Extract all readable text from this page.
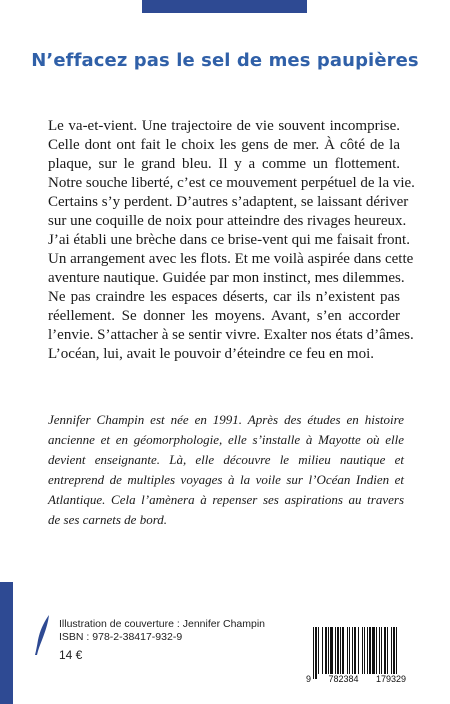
N’effacez pas le sel de mes paupières
Le va-et-vient. Une trajectoire de vie souvent incomprise.
Celle dont ont fait le choix les gens de mer. À côté de la
plaque, sur le grand bleu. Il y a comme un flottement.
Notre souche liberté, c’est ce mouvement perpétuel de la vie.
Certains s’y perdent. D’autres s’adaptent, se laissant dériver
sur une coquille de noix pour atteindre des rivages heureux.
J’ai établi une brèche dans ce brise-vent qui me faisait front.
Un arrangement avec les flots. Et me voilà aspirée dans cette
aventure nautique. Guidée par mon instinct, mes dilemmes.
Ne pas craindre les espaces déserts, car ils n’existent pas
réellement. Se donner les moyens. Avant, s’en accorder
l’envie. S’attacher à se sentir vivre. Exalter nos états d’âmes.
L’océan, lui, avait le pouvoir d’éteindre ce feu en moi.
Jennifer Champin est née en 1991. Après des études en histoire
ancienne et en géomorphologie, elle s’installe à Mayotte où elle
devient enseignante. Là, elle découvre le milieu nautique et
entreprend de multiples voyages à la voile sur l’Océan Indien et
Atlantique. Cela l’amènera à repenser ses aspirations au travers
de ses carnets de bord.
Illustration de couverture : Jennifer Champin
ISBN : 978-2-38417-932-9
14 €
9 782384 179329
